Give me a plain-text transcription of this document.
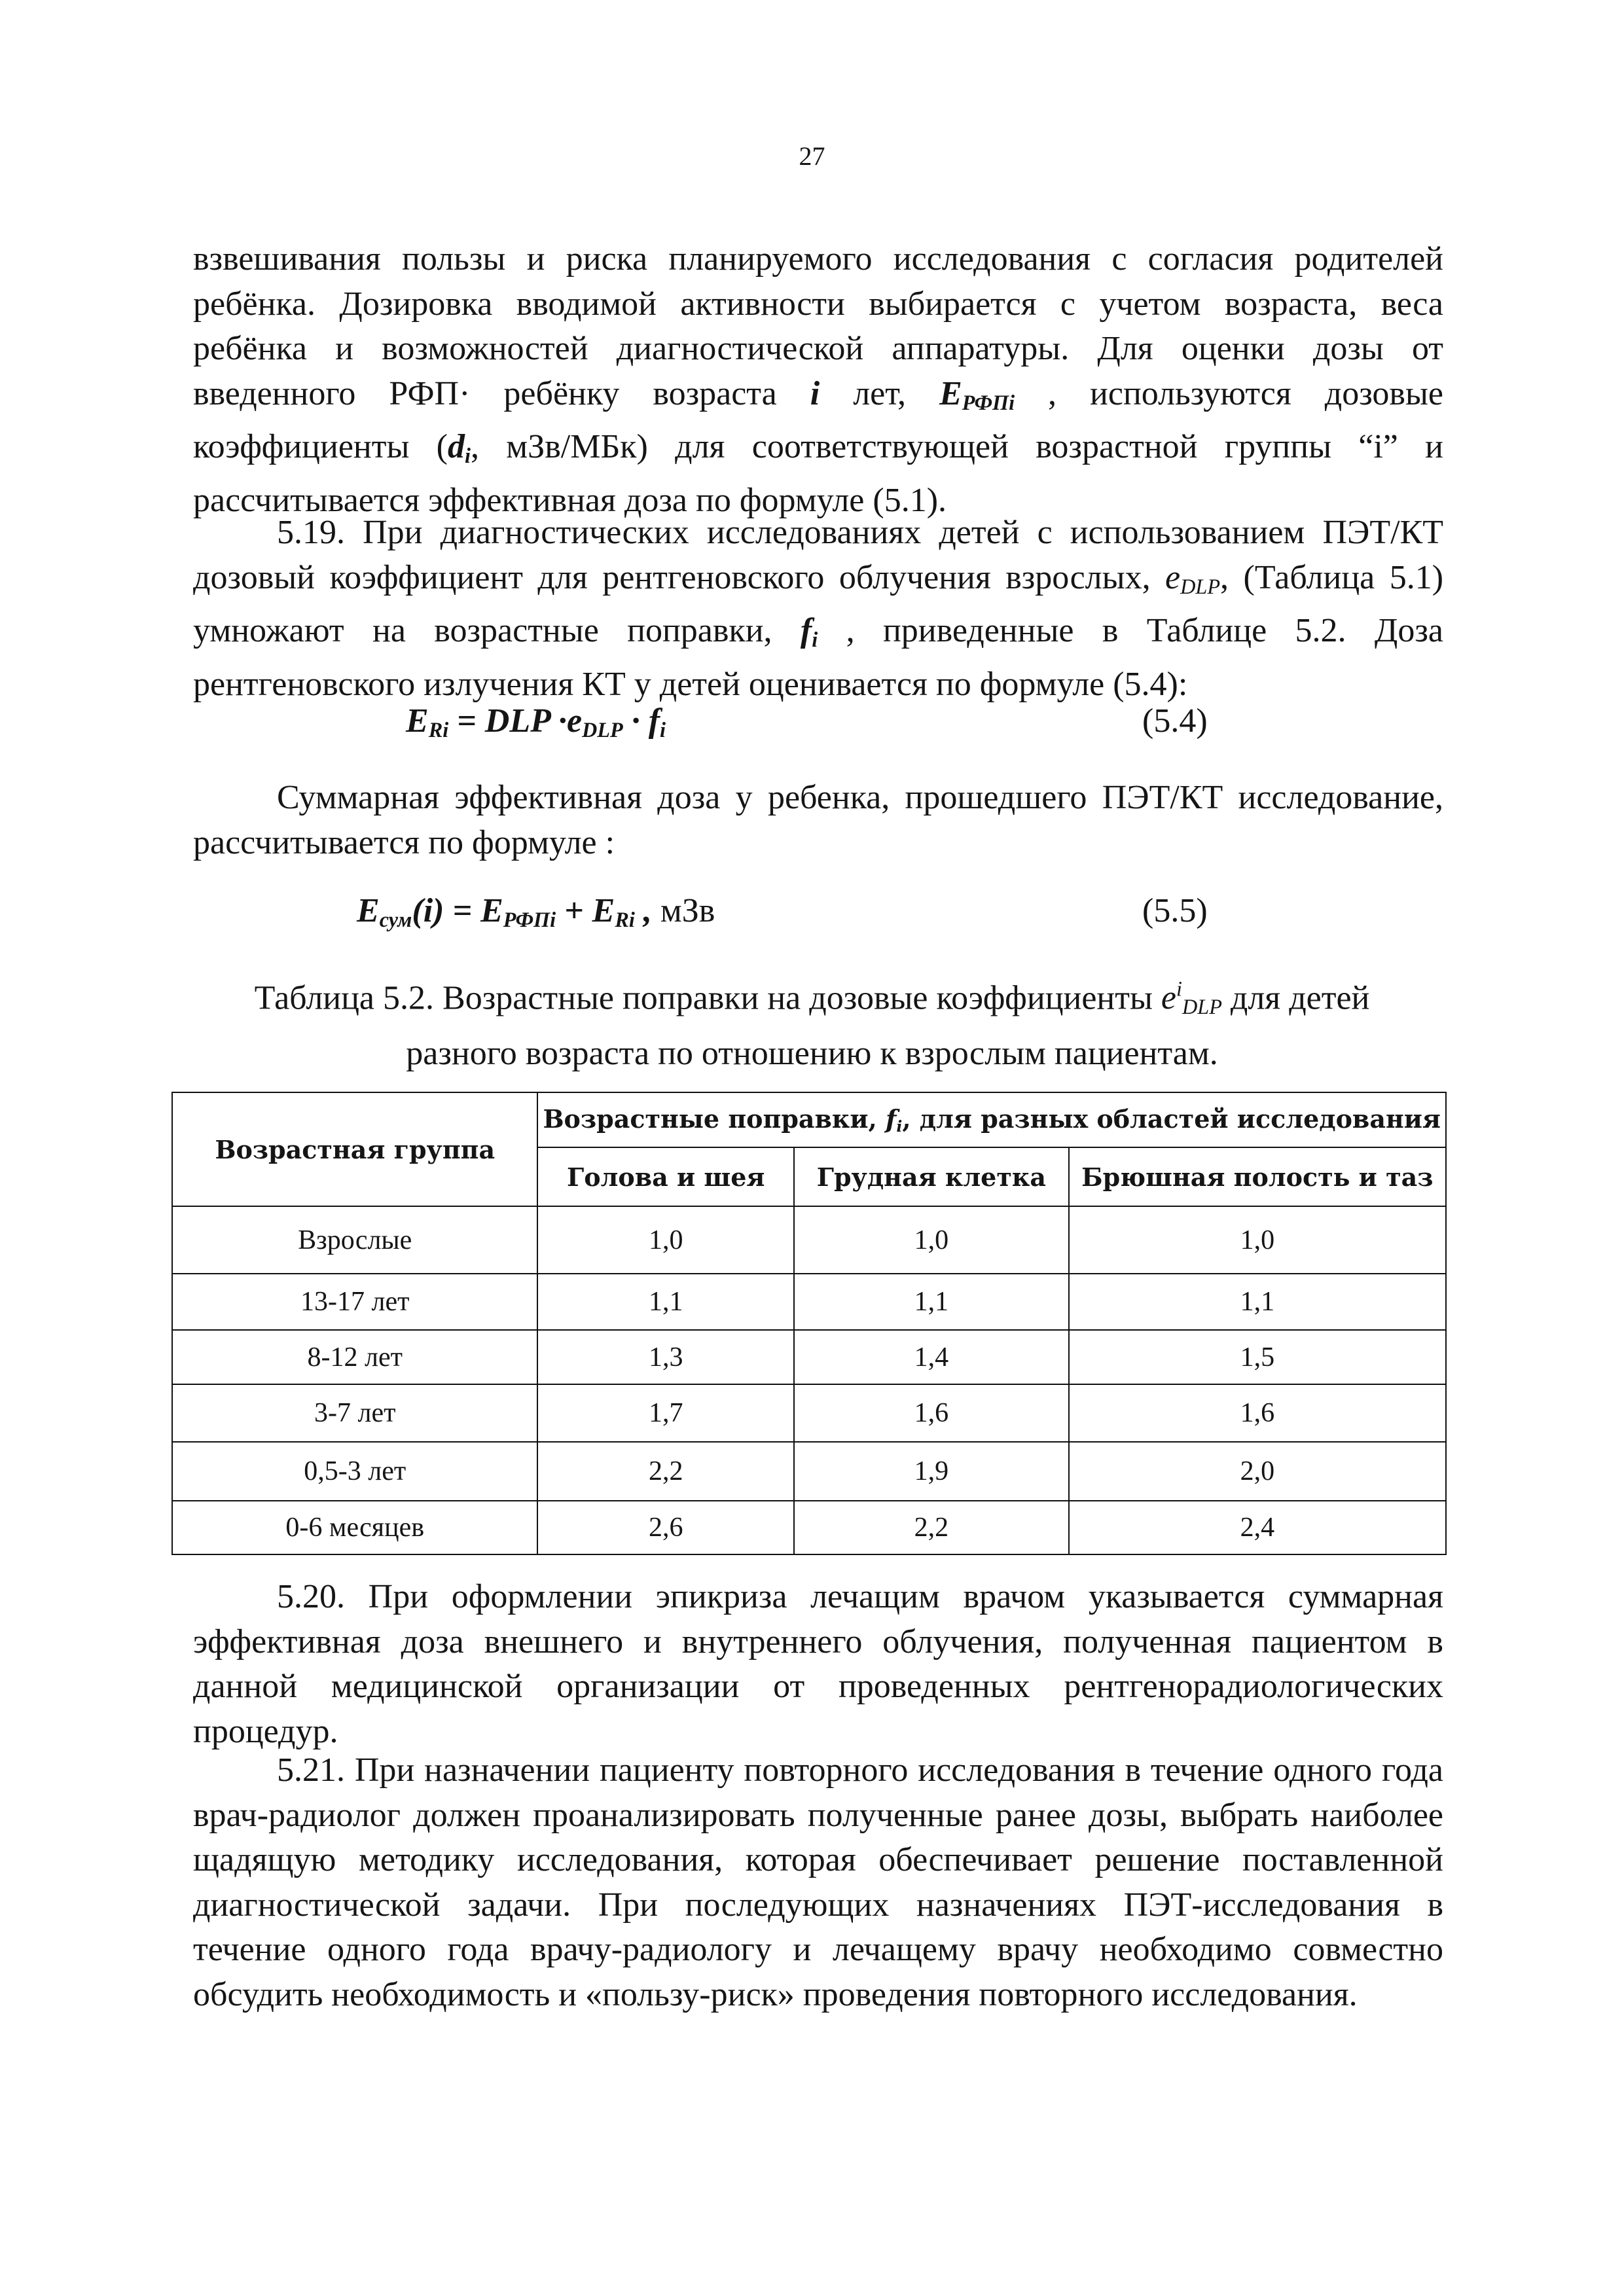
27

взвешивания пользы и риска планируемого исследования с согласия родителей ребёнка. Дозировка вводимой активности выбирается с учетом возраста, веса ребёнка и возможностей диагностической аппаратуры. Для оценки дозы от введенного РФП· ребёнку возраста i лет, $E_{РФПi}$ , используются дозовые коэффициенты ($d_i$, мЗв/МБк) для соответствующей возрастной группы “i” и рассчитывается эффективная доза по формуле (5.1).

5.19. При диагностических исследованиях детей с использованием ПЭТ/КТ дозовый коэффициент для рентгеновского облучения взрослых, $e_{DLP}$, (Таблица 5.1) умножают на возрастные поправки, $f_i$ , приведенные в Таблице 5.2. Доза рентгеновского излучения КТ у детей оценивается по формуле (5.4):

$E_{Ri}$ = DLP $\cdot e_{DLP} \cdot f_i$	(5.4)

Суммарная эффективная доза у ребенка, прошедшего ПЭТ/КТ исследование, рассчитывается по формуле :

$E_{сум}(i) = E_{РФПi} + E_{Ri}$ , мЗв	(5.5)
Таблица 5.2. Возрастные поправки на дозовые коэффициенты $e^i_{DLP}$ для детей
разного возраста по отношению к взрослым пациентам.
Возрастная группа	Возрастные поправки, $f_i$, для разных областей исследования		
	Голова и шея	Грудная клетка	Брюшная полость и таз
Взрослые	1,0	1,0	1,0
13-17 лет	1,1	1,1	1,1
8-12 лет	1,3	1,4	1,5
3-7 лет	1,7	1,6	1,6
0,5-3 лет	2,2	1,9	2,0
0-6 месяцев	2,6	2,2	2,4

5.20. При оформлении эпикриза лечащим врачом указывается суммарная эффективная доза внешнего и внутреннего облучения, полученная пациентом в данной медицинской организации от проведенных рентгенорадиологических процедур.

5.21. При назначении пациенту повторного исследования в течение одного года врач-радиолог должен проанализировать полученные ранее дозы, выбрать наиболее щадящую методику исследования, которая обеспечивает решение поставленной диагностической задачи. При последующих назначениях ПЭТ-исследования в течение одного года врачу-радиологу и лечащему врачу необходимо совместно обсудить необходимость и «пользу-риск» проведения повторного исследования.
